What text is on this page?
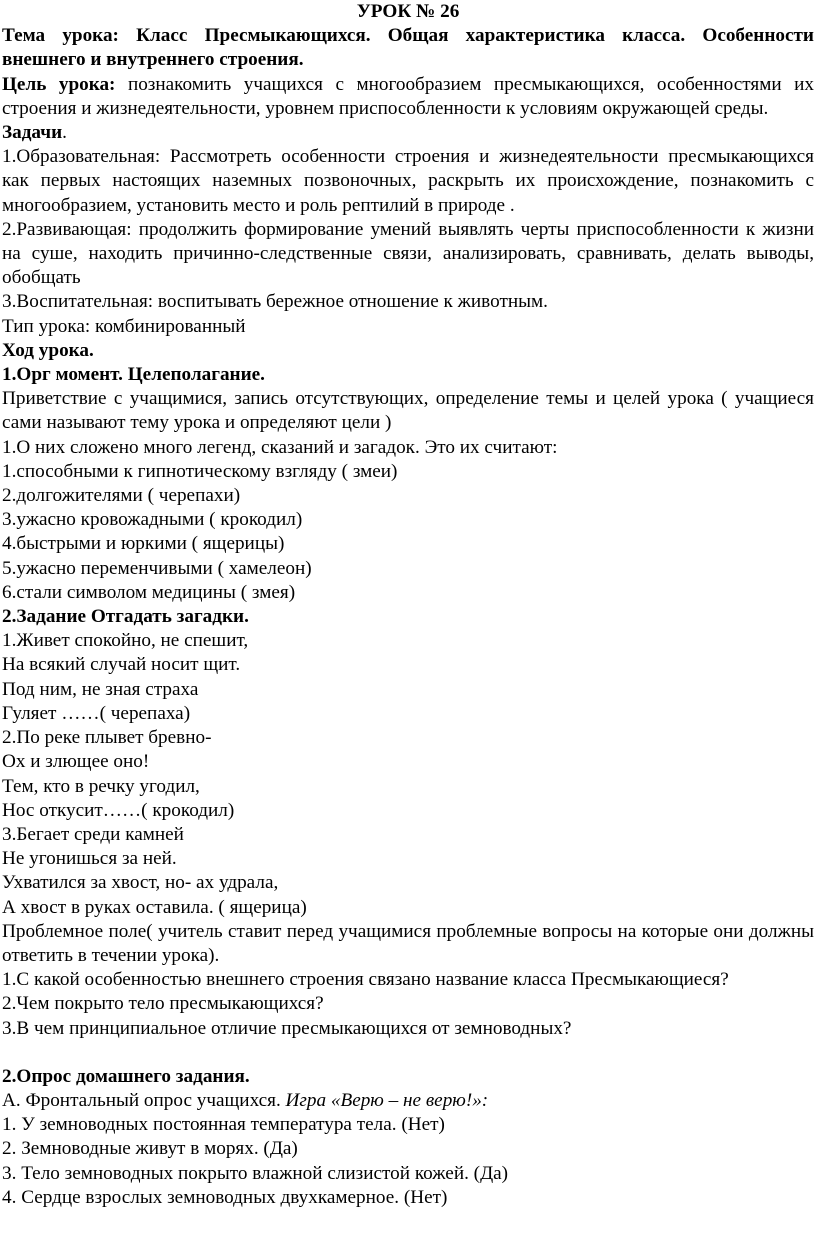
УРОК № 26

Тема урока: Класс Пресмыкающихся. Общая характеристика класса. Особенности внешнего и внутреннего строения.

Цель урока: познакомить учащихся с многообразием пресмыкающихся, особенностями их строения и жизнедеятельности, уровнем приспособленности к условиям окружающей среды.

Задачи.

1.Образовательная: Рассмотреть особенности строения и жизнедеятельности пресмыкающихся как первых настоящих наземных позвоночных, раскрыть их происхождение, познакомить с многообразием, установить место и роль рептилий в природе .

2.Развивающая: продолжить формирование умений выявлять черты приспособленности к жизни на суше, находить причинно-следственные связи, анализировать, сравнивать, делать выводы, обобщать

3.Воспитательная: воспитывать бережное отношение к животным.

Тип урока: комбинированный

Ход урока.

1.Орг момент. Целеполагание.

Приветствие с учащимися, запись отсутствующих, определение темы и целей урока ( учащиеся сами называют тему урока и определяют цели )

1.О них сложено много легенд, сказаний и загадок. Это их считают:

1.способными к гипнотическому взгляду ( змеи)

2.долгожителями ( черепахи)

3.ужасно кровожадными ( крокодил)

4.быстрыми и юркими ( ящерицы)

5.ужасно переменчивыми ( хамелеон)

6.стали символом медицины ( змея)

2.Задание Отгадать загадки.

1.Живет спокойно, не спешит,

На всякий случай носит щит.

Под ним, не зная страха

Гуляет ……( черепаха)

2.По реке плывет бревно-

Ох и злющее оно!

Тем, кто в речку угодил,

Нос откусит……( крокодил)

3.Бегает среди камней

Не угонишься за ней.

Ухватился за хвост, но- ах удрала,

А хвост в руках оставила. ( ящерица)

Проблемное поле( учитель ставит перед учащимися проблемные вопросы на которые они должны ответить в течении урока).

1.С какой особенностью внешнего строения связано название класса Пресмыкающиеся?

2.Чем покрыто тело пресмыкающихся?

3.В чем принципиальное отличие пресмыкающихся от земноводных?

2.Опрос домашнего задания.

А. Фронтальный опрос учащихся. Игра «Верю – не верю!»:

1. У земноводных постоянная температура тела. (Нет)

2. Земноводные живут в морях. (Да)

3. Тело земноводных покрыто влажной слизистой кожей. (Да)

4. Сердце взрослых земноводных двухкамерное. (Нет)
